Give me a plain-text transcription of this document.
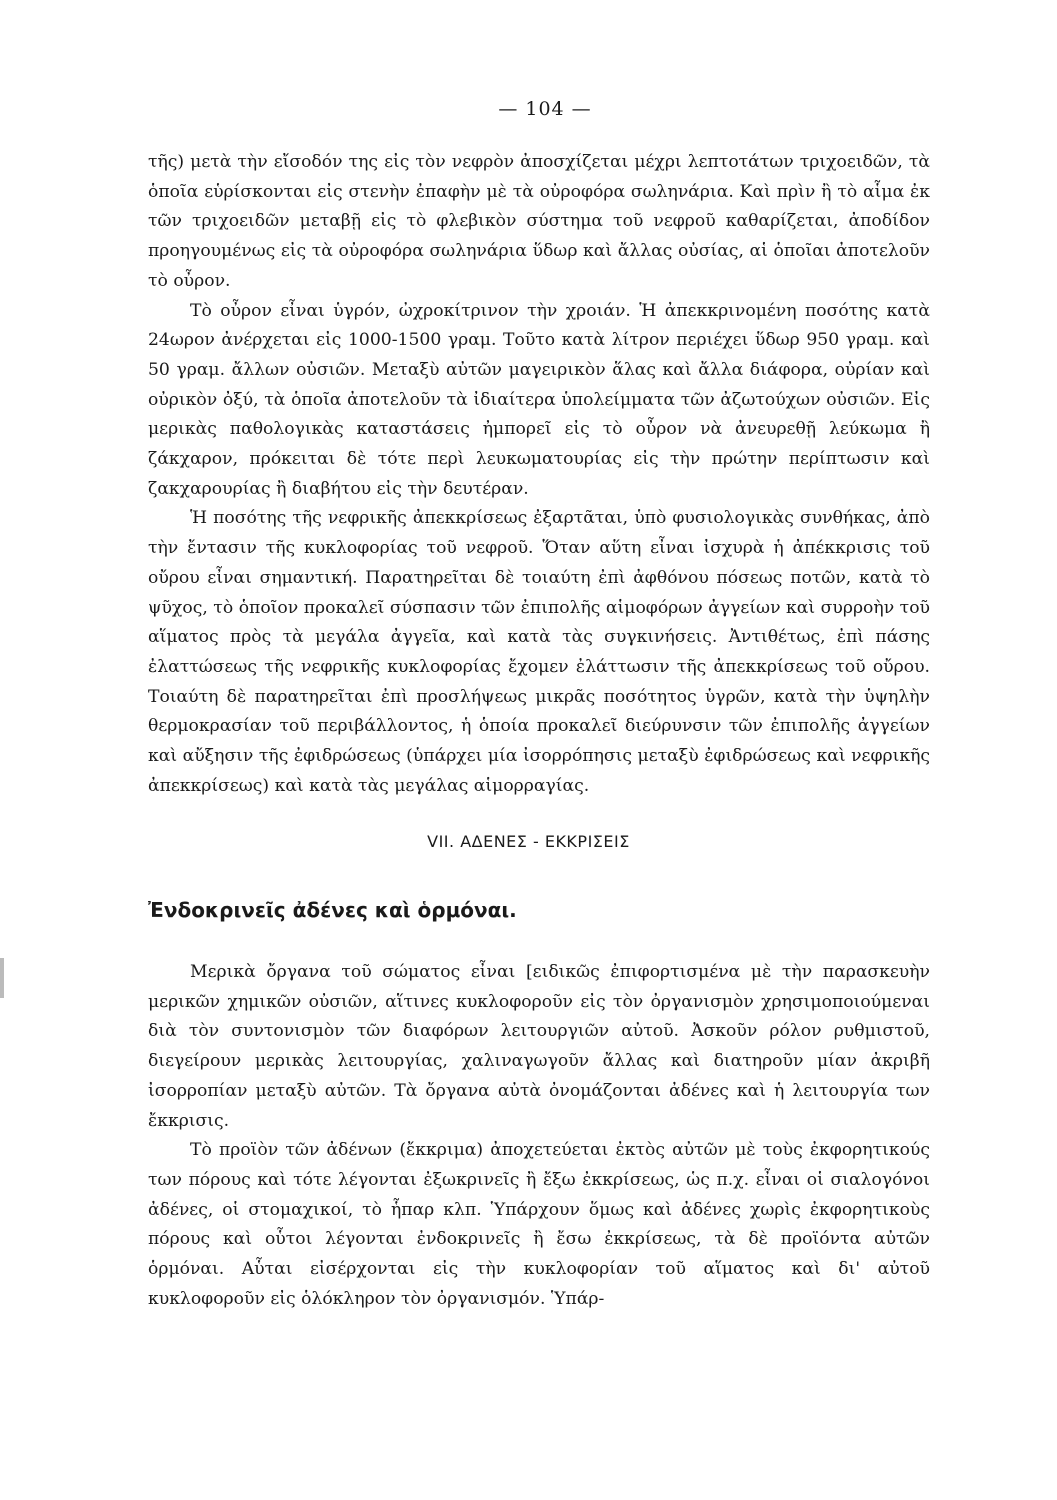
— 104 —

τῆς) μετὰ τὴν εἴσοδόν της εἰς τὸν νεφρὸν ἀποσχίζεται μέχρι λεπτοτάτων τριχοειδῶν, τὰ ὁποῖα εὑρίσκονται εἰς στενὴν ἐπαφὴν μὲ τὰ οὐροφόρα σωληνάρια. Καὶ πρὶν ἢ τὸ αἷμα ἐκ τῶν τριχοειδῶν μεταβῇ εἰς τὸ φλεβικὸν σύστημα τοῦ νεφροῦ καθαρίζεται, ἀποδίδον προηγουμένως εἰς τὰ οὐροφόρα σωληνάρια ὕδωρ καὶ ἄλλας οὐσίας, αἱ ὁποῖαι ἀποτελοῦν τὸ οὖρον.

Τὸ οὖρον εἶναι ὑγρόν, ὠχροκίτρινον τὴν χροιάν. Ἡ ἀπεκκρινομένη ποσότης κατὰ 24ωρον ἀνέρχεται εἰς 1000-1500 γραμ. Τοῦτο κατὰ λίτρον περιέχει ὕδωρ 950 γραμ. καὶ 50 γραμ. ἄλλων οὐσιῶν. Μεταξὺ αὐτῶν μαγειρικὸν ἅλας καὶ ἄλλα διάφορα, οὐρίαν καὶ οὐρικὸν ὀξύ, τὰ ὁποῖα ἀποτελοῦν τὰ ἰδιαίτερα ὑπολείμματα τῶν ἀζωτούχων οὐσιῶν. Εἰς μερικὰς παθολογικὰς καταστάσεις ἠμπορεῖ εἰς τὸ οὖρον νὰ ἀνευρεθῇ λεύκωμα ἢ ζάκχαρον, πρόκειται δὲ τότε περὶ λευκωματουρίας εἰς τὴν πρώτην περίπτωσιν καὶ ζακχαρουρίας ἢ διαβήτου εἰς τὴν δευτέραν.

Ἡ ποσότης τῆς νεφρικῆς ἀπεκκρίσεως ἐξαρτᾶται, ὑπὸ φυσιολογικὰς συνθήκας, ἀπὸ τὴν ἔντασιν τῆς κυκλοφορίας τοῦ νεφροῦ. Ὅταν αὕτη εἶναι ἰσχυρὰ ἡ ἀπέκκρισις τοῦ οὔρου εἶναι σημαντική. Παρατηρεῖται δὲ τοιαύτη ἐπὶ ἀφθόνου πόσεως ποτῶν, κατὰ τὸ ψῦχος, τὸ ὁποῖον προκαλεῖ σύσπασιν τῶν ἐπιπολῆς αἱμοφόρων ἀγγείων καὶ συρροὴν τοῦ αἵματος πρὸς τὰ μεγάλα ἀγγεῖα, καὶ κατὰ τὰς συγκινήσεις. Ἀντιθέτως, ἐπὶ πάσης ἐλαττώσεως τῆς νεφρικῆς κυκλοφορίας ἔχομεν ἐλάττωσιν τῆς ἀπεκκρίσεως τοῦ οὔρου. Τοιαύτη δὲ παρατηρεῖται ἐπὶ προσλήψεως μικρᾶς ποσότητος ὑγρῶν, κατὰ τὴν ὑψηλὴν θερμοκρασίαν τοῦ περιβάλλοντος, ἡ ὁποία προκαλεῖ διεύρυνσιν τῶν ἐπιπολῆς ἀγγείων καὶ αὔξησιν τῆς ἐφιδρώσεως (ὑπάρχει μία ἰσορρόπησις μεταξὺ ἐφιδρώσεως καὶ νεφρικῆς ἀπεκκρίσεως) καὶ κατὰ τὰς μεγάλας αἱμορραγίας.

VII. ΑΔΕΝΕΣ - ΕΚΚΡΙΣΕΙΣ
Ἐνδοκρινεῖς ἀδένες καὶ ὁρμόναι.

Μερικὰ ὄργανα τοῦ σώματος εἶναι [ειδικῶς ἐπιφορτισμένα μὲ τὴν παρασκευὴν μερικῶν χημικῶν οὐσιῶν, αἵτινες κυκλοφοροῦν εἰς τὸν ὀργανισμὸν χρησιμοποιούμεναι διὰ τὸν συντονισμὸν τῶν διαφόρων λειτουργιῶν αὐτοῦ. Ἀσκοῦν ρόλον ρυθμιστοῦ, διεγείρουν μερικὰς λειτουργίας, χαλιναγωγοῦν ἄλλας καὶ διατηροῦν μίαν ἀκριβῆ ἰσορροπίαν μεταξὺ αὐτῶν. Τὰ ὄργανα αὐτὰ ὀνομάζονται ἀδένες καὶ ἡ λειτουργία των ἔκκρισις.

Τὸ προϊὸν τῶν ἀδένων (ἔκκριμα) ἀποχετεύεται ἐκτὸς αὐτῶν μὲ τοὺς ἐκφορητικούς των πόρους καὶ τότε λέγονται ἐξωκρινεῖς ἢ ἔξω ἐκκρίσεως, ὡς π.χ. εἶναι οἱ σιαλογόνοι ἀδένες, οἱ στομαχικοί, τὸ ἧπαρ κλπ. Ὑπάρχουν ὅμως καὶ ἀδένες χωρὶς ἐκφορητικοὺς πόρους καὶ οὗτοι λέγονται ἐνδοκρινεῖς ἢ ἔσω ἐκκρίσεως, τὰ δὲ προϊόντα αὐτῶν ὁρμόναι. Αὗται εἰσέρχονται εἰς τὴν κυκλοφορίαν τοῦ αἵματος καὶ δι' αὐτοῦ κυκλοφοροῦν εἰς ὁλόκληρον τὸν ὀργανισμόν. Ὑπάρ-
